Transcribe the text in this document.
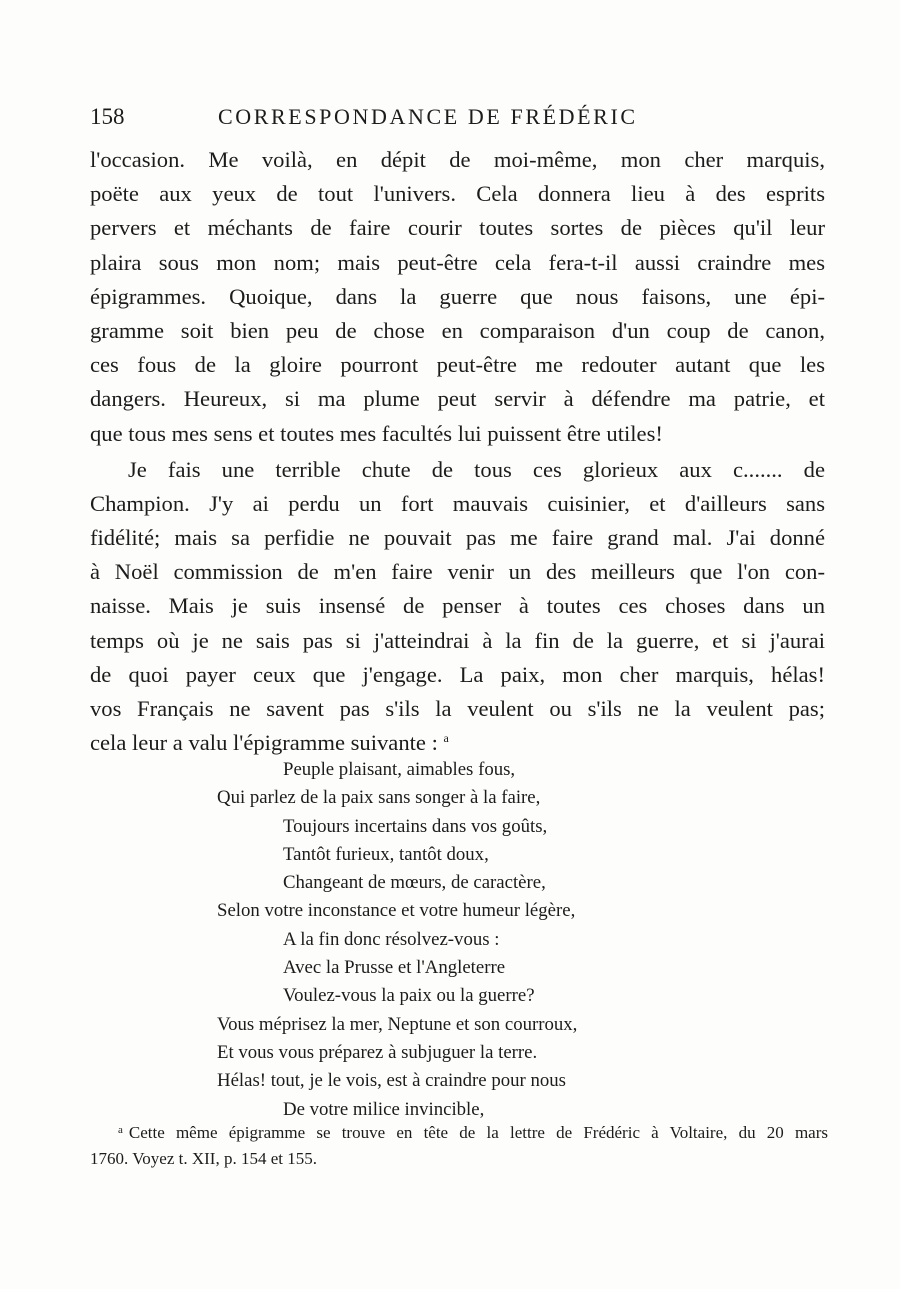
158	CORRESPONDANCE DE FRÉDÉRIC
l'occasion. Me voilà, en dépit de moi-même, mon cher marquis,
poëte aux yeux de tout l'univers. Cela donnera lieu à des esprits
pervers et méchants de faire courir toutes sortes de pièces qu'il leur
plaira sous mon nom; mais peut-être cela fera-t-il aussi craindre mes
épigrammes. Quoique, dans la guerre que nous faisons, une épi-
gramme soit bien peu de chose en comparaison d'un coup de canon,
ces fous de la gloire pourront peut-être me redouter autant que les
dangers. Heureux, si ma plume peut servir à défendre ma patrie, et
que tous mes sens et toutes mes facultés lui puissent être utiles!
Je fais une terrible chute de tous ces glorieux aux c....... de
Champion. J'y ai perdu un fort mauvais cuisinier, et d'ailleurs sans
fidélité; mais sa perfidie ne pouvait pas me faire grand mal. J'ai donné
à Noël commission de m'en faire venir un des meilleurs que l'on con-
naisse. Mais je suis insensé de penser à toutes ces choses dans un
temps où je ne sais pas si j'atteindrai à la fin de la guerre, et si j'aurai
de quoi payer ceux que j'engage. La paix, mon cher marquis, hélas!
vos Français ne savent pas s'ils la veulent ou s'ils ne la veulent pas;
cela leur a valu l'épigramme suivante : $^a$
Peuple plaisant, aimables fous,
Qui parlez de la paix sans songer à la faire,
Toujours incertains dans vos goûts,
Tantôt furieux, tantôt doux,
Changeant de mœurs, de caractère,
Selon votre inconstance et votre humeur légère,
A la fin donc résolvez-vous :
Avec la Prusse et l'Angleterre
Voulez-vous la paix ou la guerre?
Vous méprisez la mer, Neptune et son courroux,
Et vous vous préparez à subjuguer la terre.
Hélas! tout, je le vois, est à craindre pour nous
De votre milice invincible,
$^a$ Cette même épigramme se trouve en tête de la lettre de Frédéric à Voltaire, du 20 mars
1760. Voyez t. XII, p. 154 et 155.
